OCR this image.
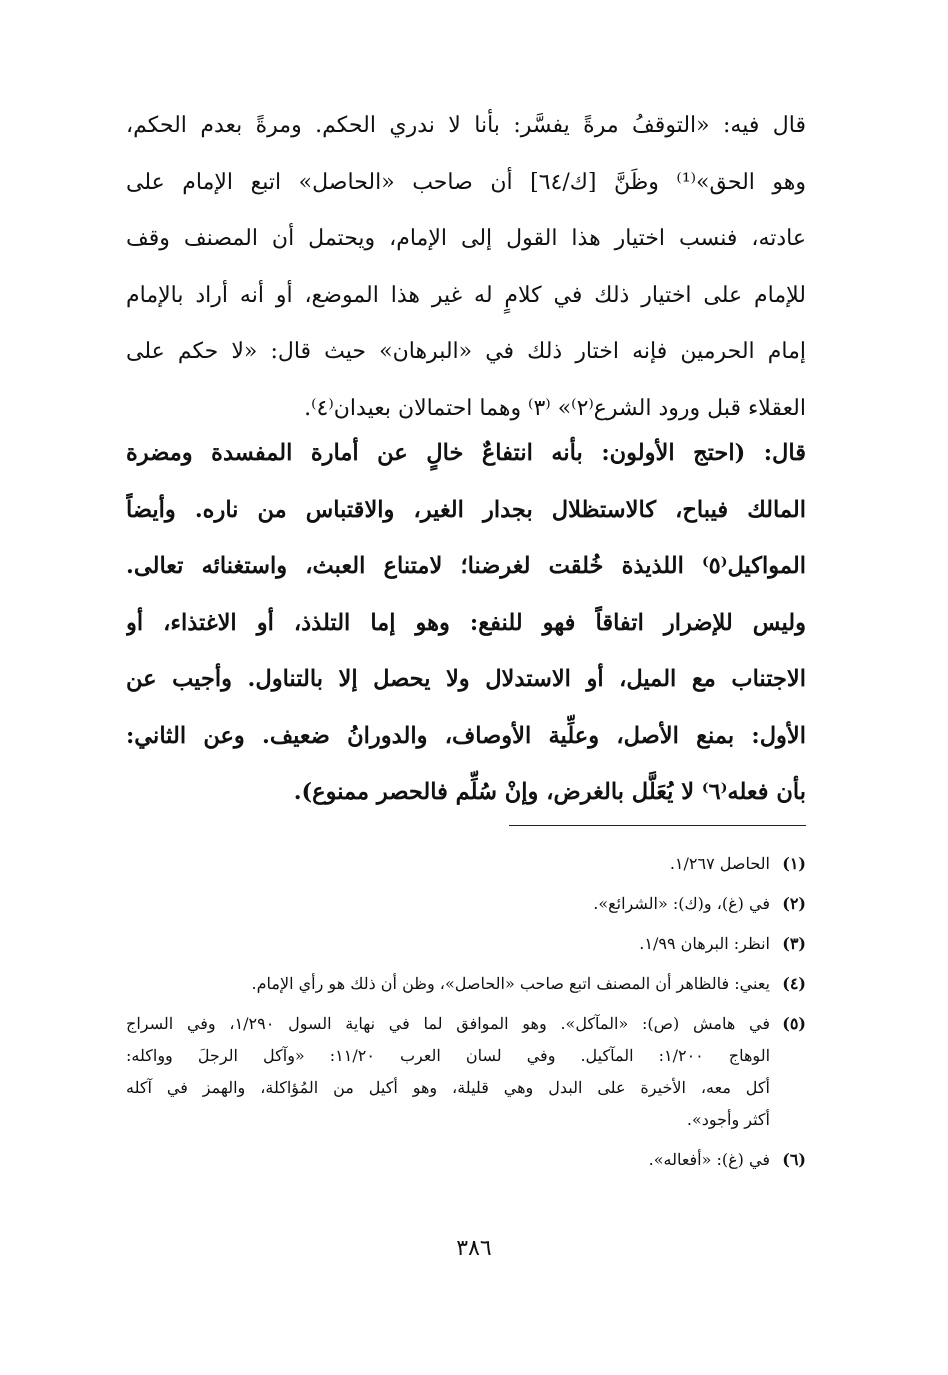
قال فيه: «التوقفُ مرةً يفسَّر: بأنا لا ندري الحكم. ومرةً بعدم الحكم،
وهو الحق»⁽¹⁾ وظَنَّ [ك/٦٤] أن صاحب «الحاصل» اتبع الإمام على
عادته، فنسب اختيار هذا القول إلى الإمام، ويحتمل أن المصنف وقف
للإمام على اختيار ذلك في كلامٍ له غير هذا الموضع، أو أنه أراد بالإمام
إمام الحرمين فإنه اختار ذلك في «البرهان» حيث قال: «لا حكم على
العقلاء قبل ورود الشرع⁽٢⁾» ⁽٣⁾ وهما احتمالان بعيدان⁽٤⁾.
قال: (احتج الأولون: بأنه انتفاعٌ خالٍ عن أمارة المفسدة ومضرة
المالك فيباح، كالاستظلال بجدار الغير، والاقتباس من ناره. وأيضاً
المواكيل⁽٥⁾ اللذيذة خُلقت لغرضنا؛ لامتناع العبث، واستغنائه تعالى.
وليس للإضرار اتفاقاً فهو للنفع: وهو إما التلذذ، أو الاغتذاء، أو
الاجتناب مع الميل، أو الاستدلال ولا يحصل إلا بالتناول. وأجيب عن
الأول: بمنع الأصل، وعلِّية الأوصاف، والدورانُ ضعيف. وعن الثاني:
بأن فعله⁽٦⁾ لا يُعَلَّل بالغرض، وإنْ سُلِّم فالحصر ممنوع).
(١)
الحاصل ١/٢٦٧.
(٢)
في (غ)، و(ك): «الشرائع».
(٣)
انظر: البرهان ١/٩٩.
(٤)
يعني: فالظاهر أن المصنف اتبع صاحب «الحاصل»، وظن أن ذلك هو رأي الإمام.
(٥)
في هامش (ص): «المآكل». وهو الموافق لما في نهاية السول ١/٢٩٠، وفي السراج
الوهاج ١/٢٠٠: المآكيل. وفي لسان العرب ١١/٢٠: «وآكل الرجلَ وواكله:
أكل معه، الأخيرة على البدل وهي قليلة، وهو أكيل من المُؤاكلة، والهمز في آكله
أكثر وأجود».
(٦)
في (غ): «أفعاله».
٣٨٦
